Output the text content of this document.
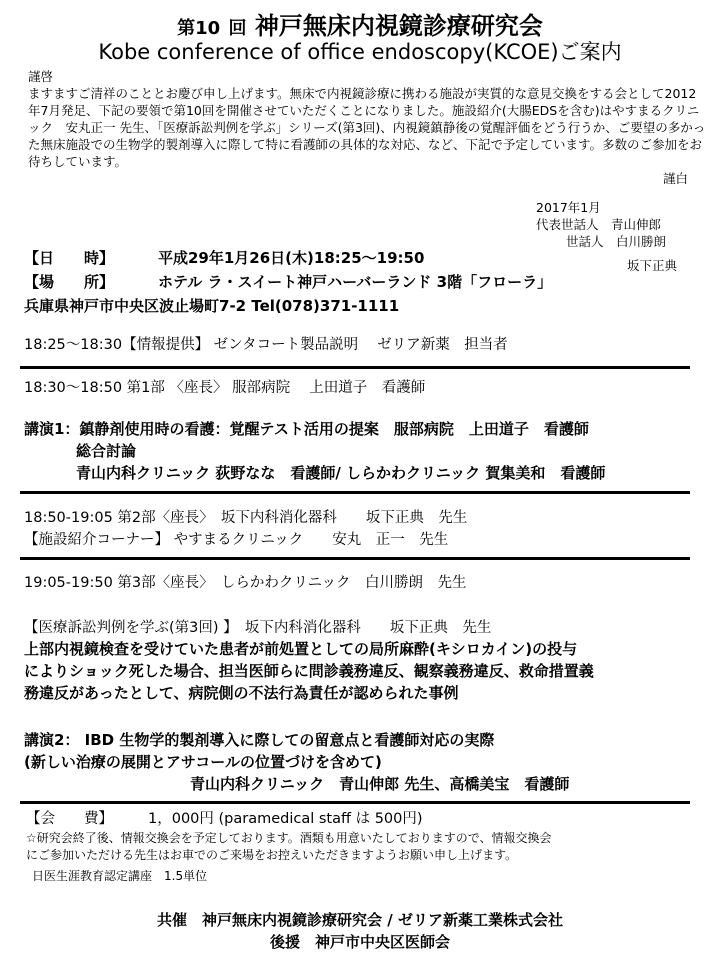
第10 回 神戸無床内視鏡診療研究会
Kobe conference of office endoscopy(KCOE)ご案内

謹啓

ますますご清祥のこととお慶び申し上げます。無床で内視鏡診療に携わる施設が実質的な意見交換をする会として2012年7月発足、下記の要領で第10回を開催させていただくことになりました。施設紹介(大腸EDSを含む)はやすまるクリニック　安丸正一 先生、「医療訴訟判例を学ぶ」シリーズ(第3回)、内視鏡鎮静後の覚醒評価をどう行うか、ご要望の多かった無床施設での生物学的製剤導入に際して特に看護師の具体的な対応、など、下記で予定しています。多数のご参加をお待ちしています。

謹白

2017年1月
代表世話人　 青山伸郎
世話人　 白川勝朗
坂下正典
【日　　時】	平成29年1月26日(木)18:25～19:50
【場　　所】	ホテル ラ・スイート神戸ハーバーランド 3階「フローラ」
兵庫県神戸市中央区波止場町7-2 Tel(078)371-1111
18:25～18:30【情報提供】 ゼンタコート製品説明　 ゼリア新薬　担当者
18:30～18:50 第1部 〈座長〉 服部病院　 上田道子　看護師
講演1：鎮静剤使用時の看護：覚醒テスト活用の提案　服部病院　上田道子　看護師
総合討論
青山内科クリニック 荻野なな　看護師/ しらかわクリニック 賀集美和　看護師
18:50-19:05 第2部〈座長〉　坂下内科消化器科　　坂下正典　先生
【施設紹介コーナー】 やすまるクリニック　　安丸　正一　先生
19:05-19:50 第3部〈座長〉　しらかわクリニック　白川勝朗　先生
【医療訴訟判例を学ぶ(第3回) 】　坂下内科消化器科　　坂下正典　先生
上部内視鏡検査を受けていた患者が前処置としての局所麻酔(キシロカイン)の投与
によりショック死した場合、担当医師らに問診義務違反、観察義務違反、救命措置義
務違反があったとして、病院側の不法行為責任が認められた事例
講演2： IBD 生物学的製剤導入に際しての留意点と看護師対応の実際
(新しい治療の展開とアサコールの位置づけを含めて)
青山内科クリニック　青山伸郎 先生、高橋美宝　看護師
【会　　費】 1，000円 (paramedical staff は 500円)
☆研究会終了後、情報交換会を予定しております。酒類も用意いたしておりますので、情報交換会
にご参加いただける先生はお車でのご来場をお控えいただきますようお願い申し上げます。
日医生涯教育認定講座　1.5単位
共催　神戸無床内視鏡診療研究会 / ゼリア新薬工業株式会社
後援　神戸市中央区医師会
